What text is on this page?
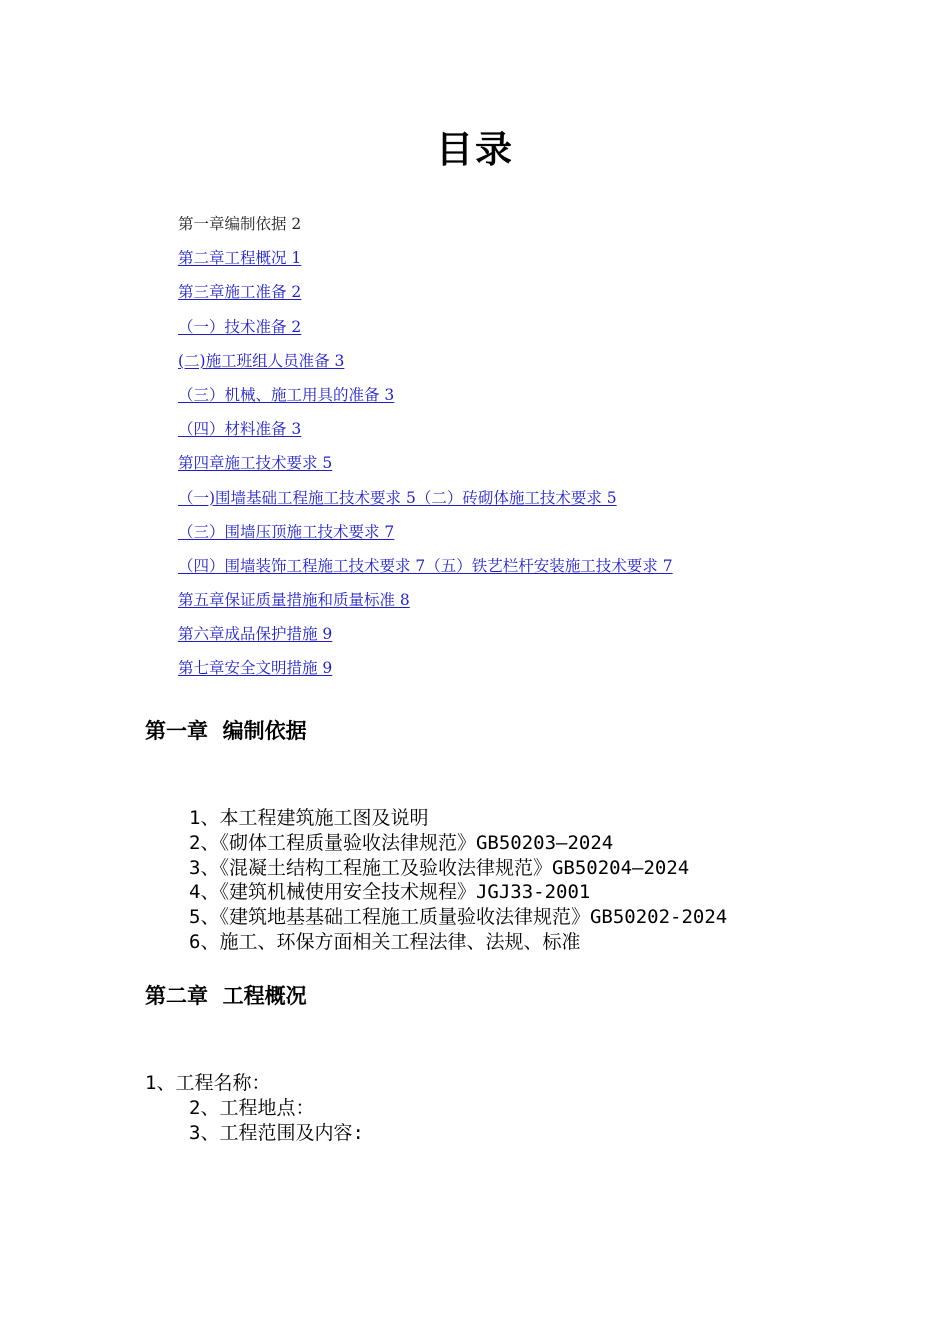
目录
第一章编制依据 2
第二章工程概况 1
第三章施工准备 2
（一）技术准备 2
(二)施工班组人员准备 3
（三）机械、施工用具的准备 3
（四）材料准备 3
第四章施工技术要求 5
（一)围墙基础工程施工技术要求 5（二）砖砌体施工技术要求 5
（三）围墙压顶施工技术要求 7
（四）围墙装饰工程施工技术要求 7（五）铁艺栏杆安装施工技术要求 7
第五章保证质量措施和质量标准 8
第六章成品保护措施 9
第七章安全文明措施 9
第一章  编制依据
1、本工程建筑施工图及说明
2、《砌体工程质量验收法律规范》GB50203—2024
3、《混凝土结构工程施工及验收法律规范》GB50204—2024
4、《建筑机械使用安全技术规程》JGJ33-2001
5、《建筑地基基础工程施工质量验收法律规范》GB50202-2024
6、施工、环保方面相关工程法律、法规、标准
第二章  工程概况
1、工程名称：
2、工程地点：
3、工程范围及内容:
